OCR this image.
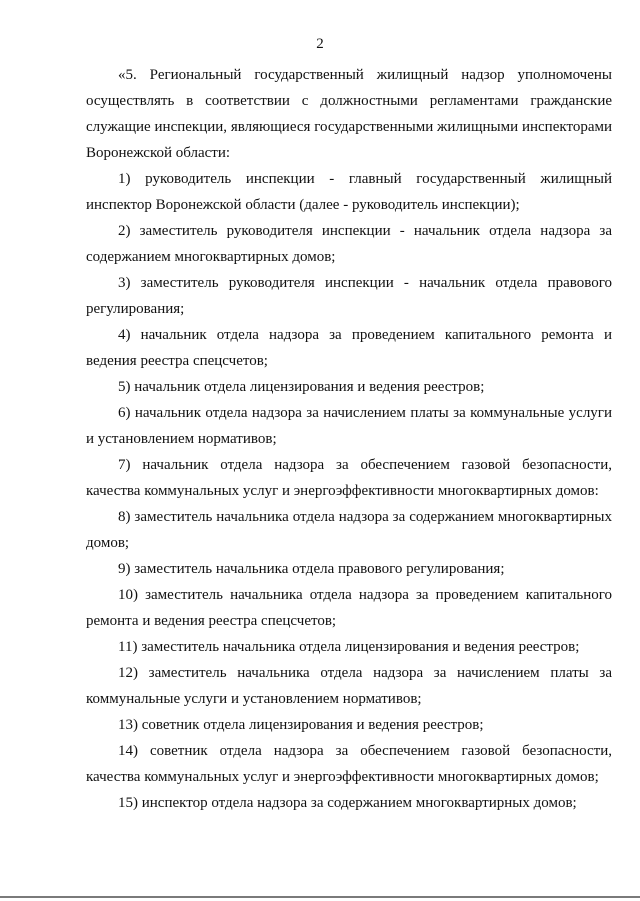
2

«5. Региональный государственный жилищный надзор уполномочены осуществлять в соответствии с должностными регламентами гражданские служащие инспекции, являющиеся государственными жилищными инспекторами Воронежской области:

1) руководитель инспекции - главный государственный жилищный инспектор Воронежской области (далее - руководитель инспекции);

2) заместитель руководителя инспекции - начальник отдела надзора за содержанием многоквартирных домов;

3) заместитель руководителя инспекции - начальник отдела правового регулирования;

4) начальник отдела надзора за проведением капитального ремонта и ведения реестра спецсчетов;

5) начальник отдела лицензирования и ведения реестров;

6) начальник отдела надзора за начислением платы за коммунальные услуги и установлением нормативов;

7) начальник отдела надзора за обеспечением газовой безопасности, качества коммунальных услуг и энергоэффективности многоквартирных домов:

8) заместитель начальника отдела надзора за содержанием многоквартирных домов;

9) заместитель начальника отдела правового регулирования;

10) заместитель начальника отдела надзора за проведением капитального ремонта и ведения реестра спецсчетов;

11) заместитель начальника отдела лицензирования и ведения реестров;

12) заместитель начальника отдела надзора за начислением платы за коммунальные услуги и установлением нормативов;

13) советник отдела лицензирования и ведения реестров;

14) советник отдела надзора за обеспечением газовой безопасности, качества коммунальных услуг и энергоэффективности многоквартирных домов;

15) инспектор отдела надзора за содержанием многоквартирных домов;
